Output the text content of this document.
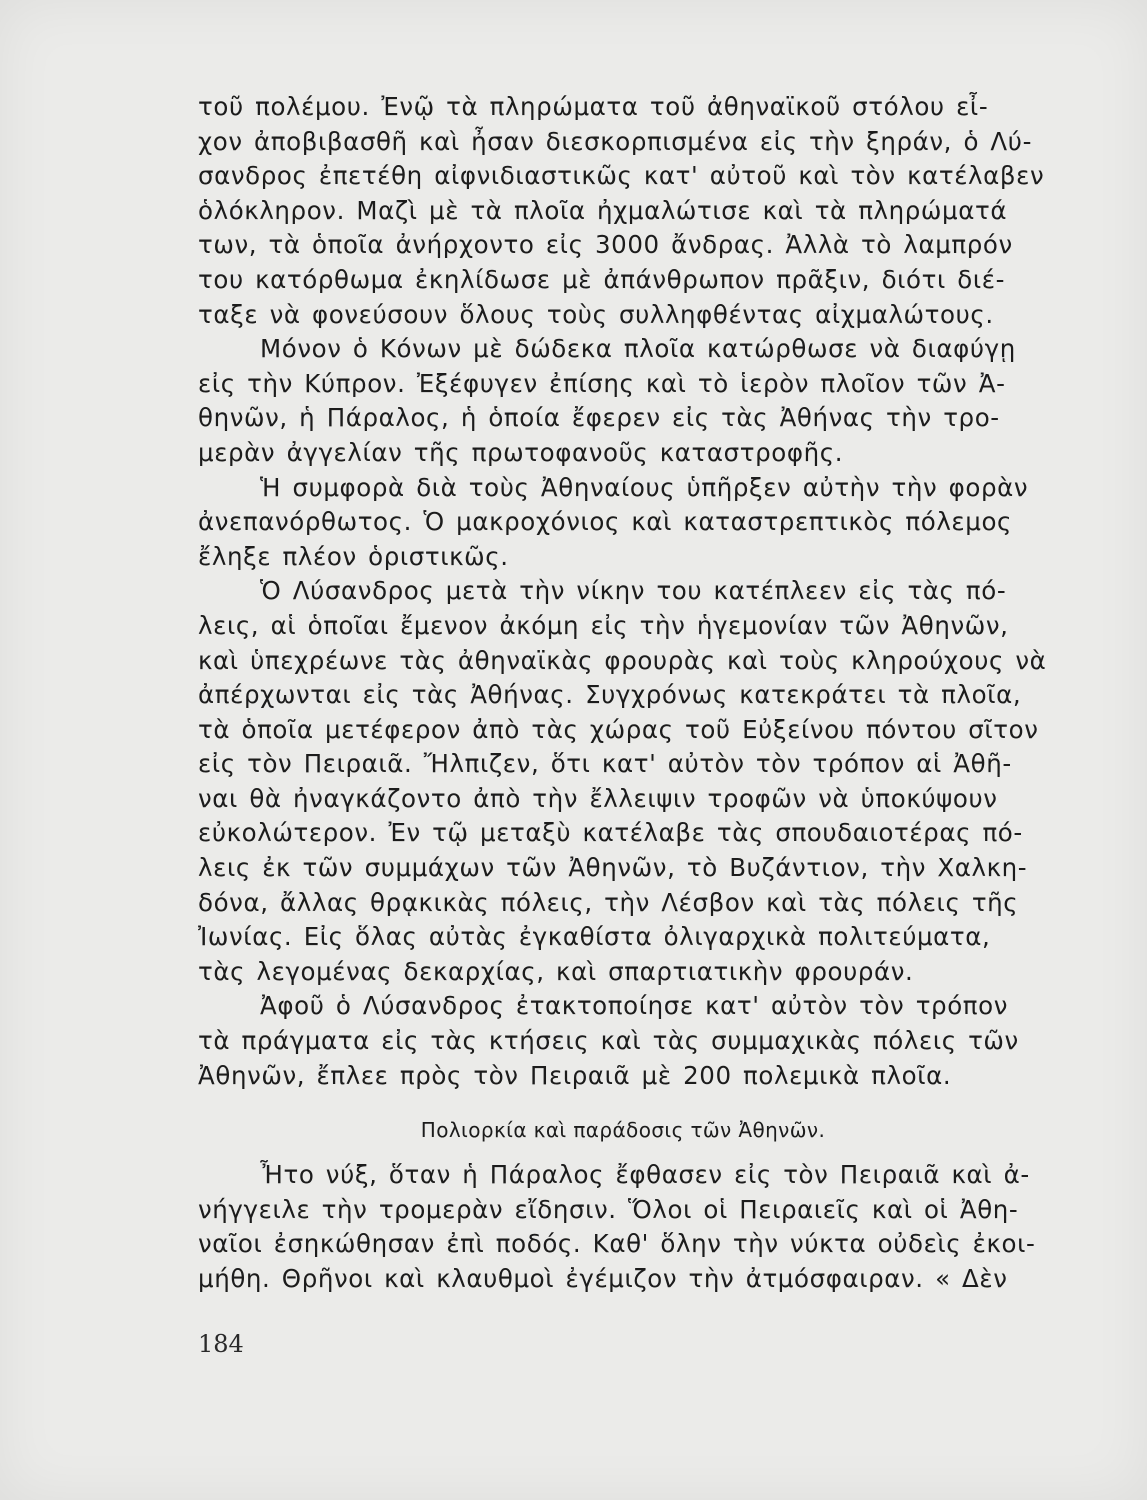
τοῦ πολέμου. Ἐνῷ τὰ πληρώματα τοῦ ἀθηναϊκοῦ στόλου εἶ-
χον ἀποβιβασθῆ καὶ ἦσαν διεσκορπισμένα εἰς τὴν ξηράν, ὁ Λύ-
σανδρος ἐπετέθη αἰφνιδιαστικῶς κατ' αὐτοῦ καὶ τὸν κατέλαβεν
ὁλόκληρον. Μαζὶ μὲ τὰ πλοῖα ἠχμαλώτισε καὶ τὰ πληρώματά
των, τὰ ὁποῖα ἀνήρχοντο εἰς 3000 ἄνδρας. Ἀλλὰ τὸ λαμπρόν
του κατόρθωμα ἐκηλίδωσε μὲ ἀπάνθρωπον πρᾶξιν, διότι διέ-
ταξε νὰ φονεύσουν ὅλους τοὺς συλληφθέντας αἰχμαλώτους.
Μόνον ὁ Κόνων μὲ δώδεκα πλοῖα κατώρθωσε νὰ διαφύγῃ
εἰς τὴν Κύπρον. Ἐξέφυγεν ἐπίσης καὶ τὸ ἱερὸν πλοῖον τῶν Ἀ-
θηνῶν, ἡ Πάραλος, ἡ ὁποία ἔφερεν εἰς τὰς Ἀθήνας τὴν τρο-
μερὰν ἀγγελίαν τῆς πρωτοφανοῦς καταστροφῆς.
Ἡ συμφορὰ διὰ τοὺς Ἀθηναίους ὑπῆρξεν αὐτὴν τὴν φορὰν
ἀνεπανόρθωτος. Ὁ μακροχόνιος καὶ καταστρεπτικὸς πόλεμος
ἔληξε πλέον ὁριστικῶς.
Ὁ Λύσανδρος μετὰ τὴν νίκην του κατέπλεεν εἰς τὰς πό-
λεις, αἱ ὁποῖαι ἔμενον ἀκόμη εἰς τὴν ἡγεμονίαν τῶν Ἀθηνῶν,
καὶ ὑπεχρέωνε τὰς ἀθηναϊκὰς φρουρὰς καὶ τοὺς κληρούχους νὰ
ἀπέρχωνται εἰς τὰς Ἀθήνας. Συγχρόνως κατεκράτει τὰ πλοῖα,
τὰ ὁποῖα μετέφερον ἀπὸ τὰς χώρας τοῦ Εὐξείνου πόντου σῖτον
εἰς τὸν Πειραιᾶ. Ἤλπιζεν, ὅτι κατ' αὐτὸν τὸν τρόπον αἱ Ἀθῆ-
ναι θὰ ἠναγκάζοντο ἀπὸ τὴν ἔλλειψιν τροφῶν νὰ ὑποκύψουν
εὐκολώτερον. Ἐν τῷ μεταξὺ κατέλαβε τὰς σπουδαιοτέρας πό-
λεις ἐκ τῶν συμμάχων τῶν Ἀθηνῶν, τὸ Βυζάντιον, τὴν Χαλκη-
δόνα, ἄλλας θρᾳκικὰς πόλεις, τὴν Λέσβον καὶ τὰς πόλεις τῆς
Ἰωνίας. Εἰς ὅλας αὐτὰς ἐγκαθίστα ὀλιγαρχικὰ πολιτεύματα,
τὰς λεγομένας δεκαρχίας, καὶ σπαρτιατικὴν φρουράν.
Ἀφοῦ ὁ Λύσανδρος ἐτακτοποίησε κατ' αὐτὸν τὸν τρόπον
τὰ πράγματα εἰς τὰς κτήσεις καὶ τὰς συμμαχικὰς πόλεις τῶν
Ἀθηνῶν, ἔπλεε πρὸς τὸν Πειραιᾶ μὲ 200 πολεμικὰ πλοῖα.
Πολιορκία καὶ παράδοσις τῶν Ἀθηνῶν.
Ἦτο νύξ, ὅταν ἡ Πάραλος ἔφθασεν εἰς τὸν Πειραιᾶ καὶ ἀ-
νήγγειλε τὴν τρομερὰν εἴδησιν. Ὅλοι οἱ Πειραιεῖς καὶ οἱ Ἀθη-
ναῖοι ἐσηκώθησαν ἐπὶ ποδός. Καθ' ὅλην τὴν νύκτα οὐδεὶς ἐκοι-
μήθη. Θρῆνοι καὶ κλαυθμοὶ ἐγέμιζον τὴν ἀτμόσφαιραν. « Δὲν
184
